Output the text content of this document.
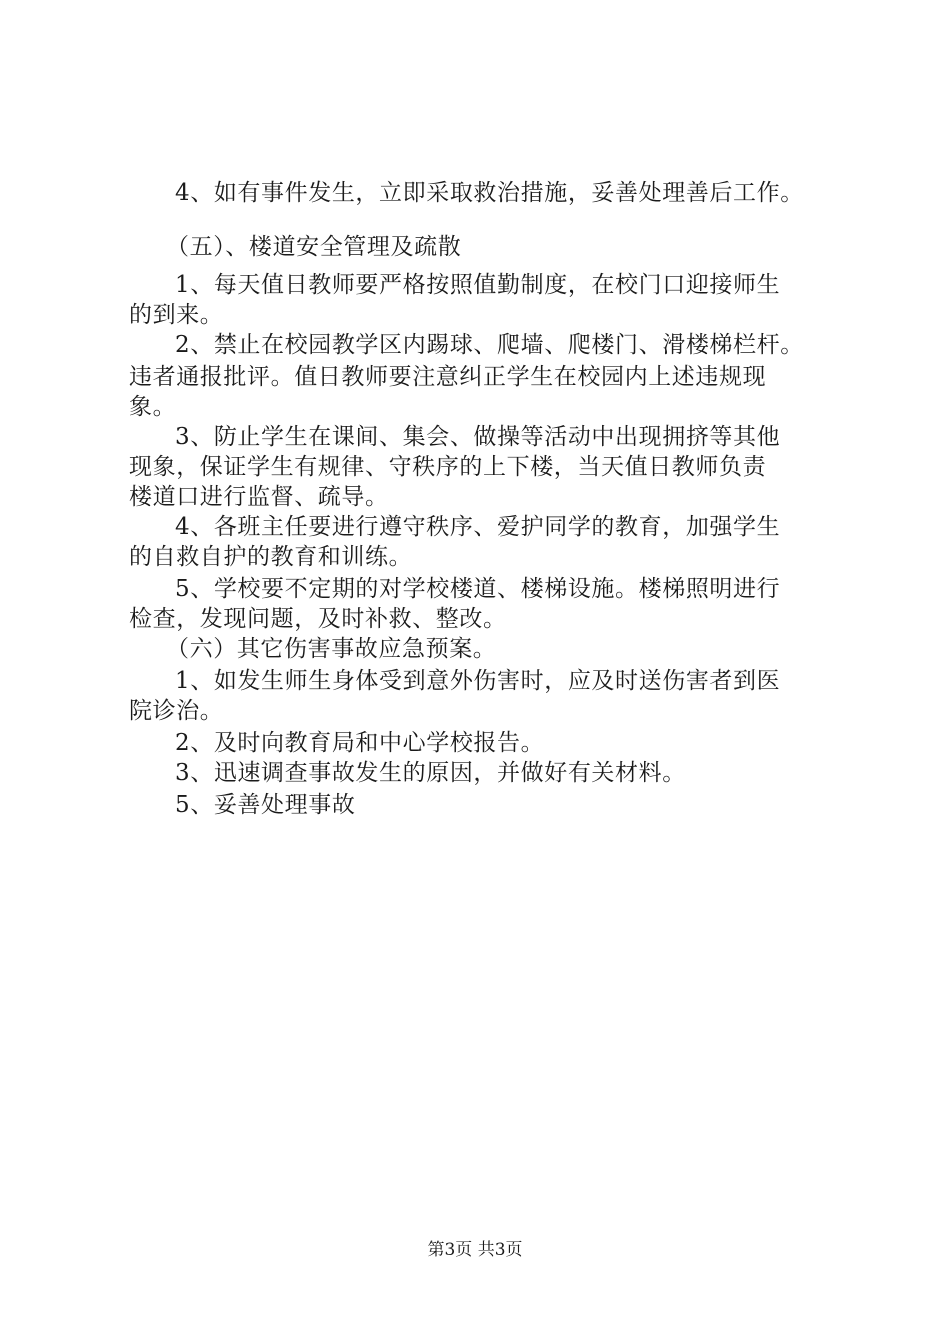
4、如有事件发生，立即采取救治措施，妥善处理善后工作。
（五）、楼道安全管理及疏散
1、每天值日教师要严格按照值勤制度，在校门口迎接师生
的到来。
2、禁止在校园教学区内踢球、爬墙、爬楼门、滑楼梯栏杆。
违者通报批评。值日教师要注意纠正学生在校园内上述违规现
象。
3、防止学生在课间、集会、做操等活动中出现拥挤等其他
现象，保证学生有规律、守秩序的上下楼，当天值日教师负责
楼道口进行监督、疏导。
4、各班主任要进行遵守秩序、爱护同学的教育，加强学生
的自救自护的教育和训练。
5、学校要不定期的对学校楼道、楼梯设施。楼梯照明进行
检查，发现问题，及时补救、整改。
（六）其它伤害事故应急预案。
1、如发生师生身体受到意外伤害时，应及时送伤害者到医
院诊治。
2、及时向教育局和中心学校报告。
3、迅速调查事故发生的原因，并做好有关材料。
5、妥善处理事故
第3页 共3页
